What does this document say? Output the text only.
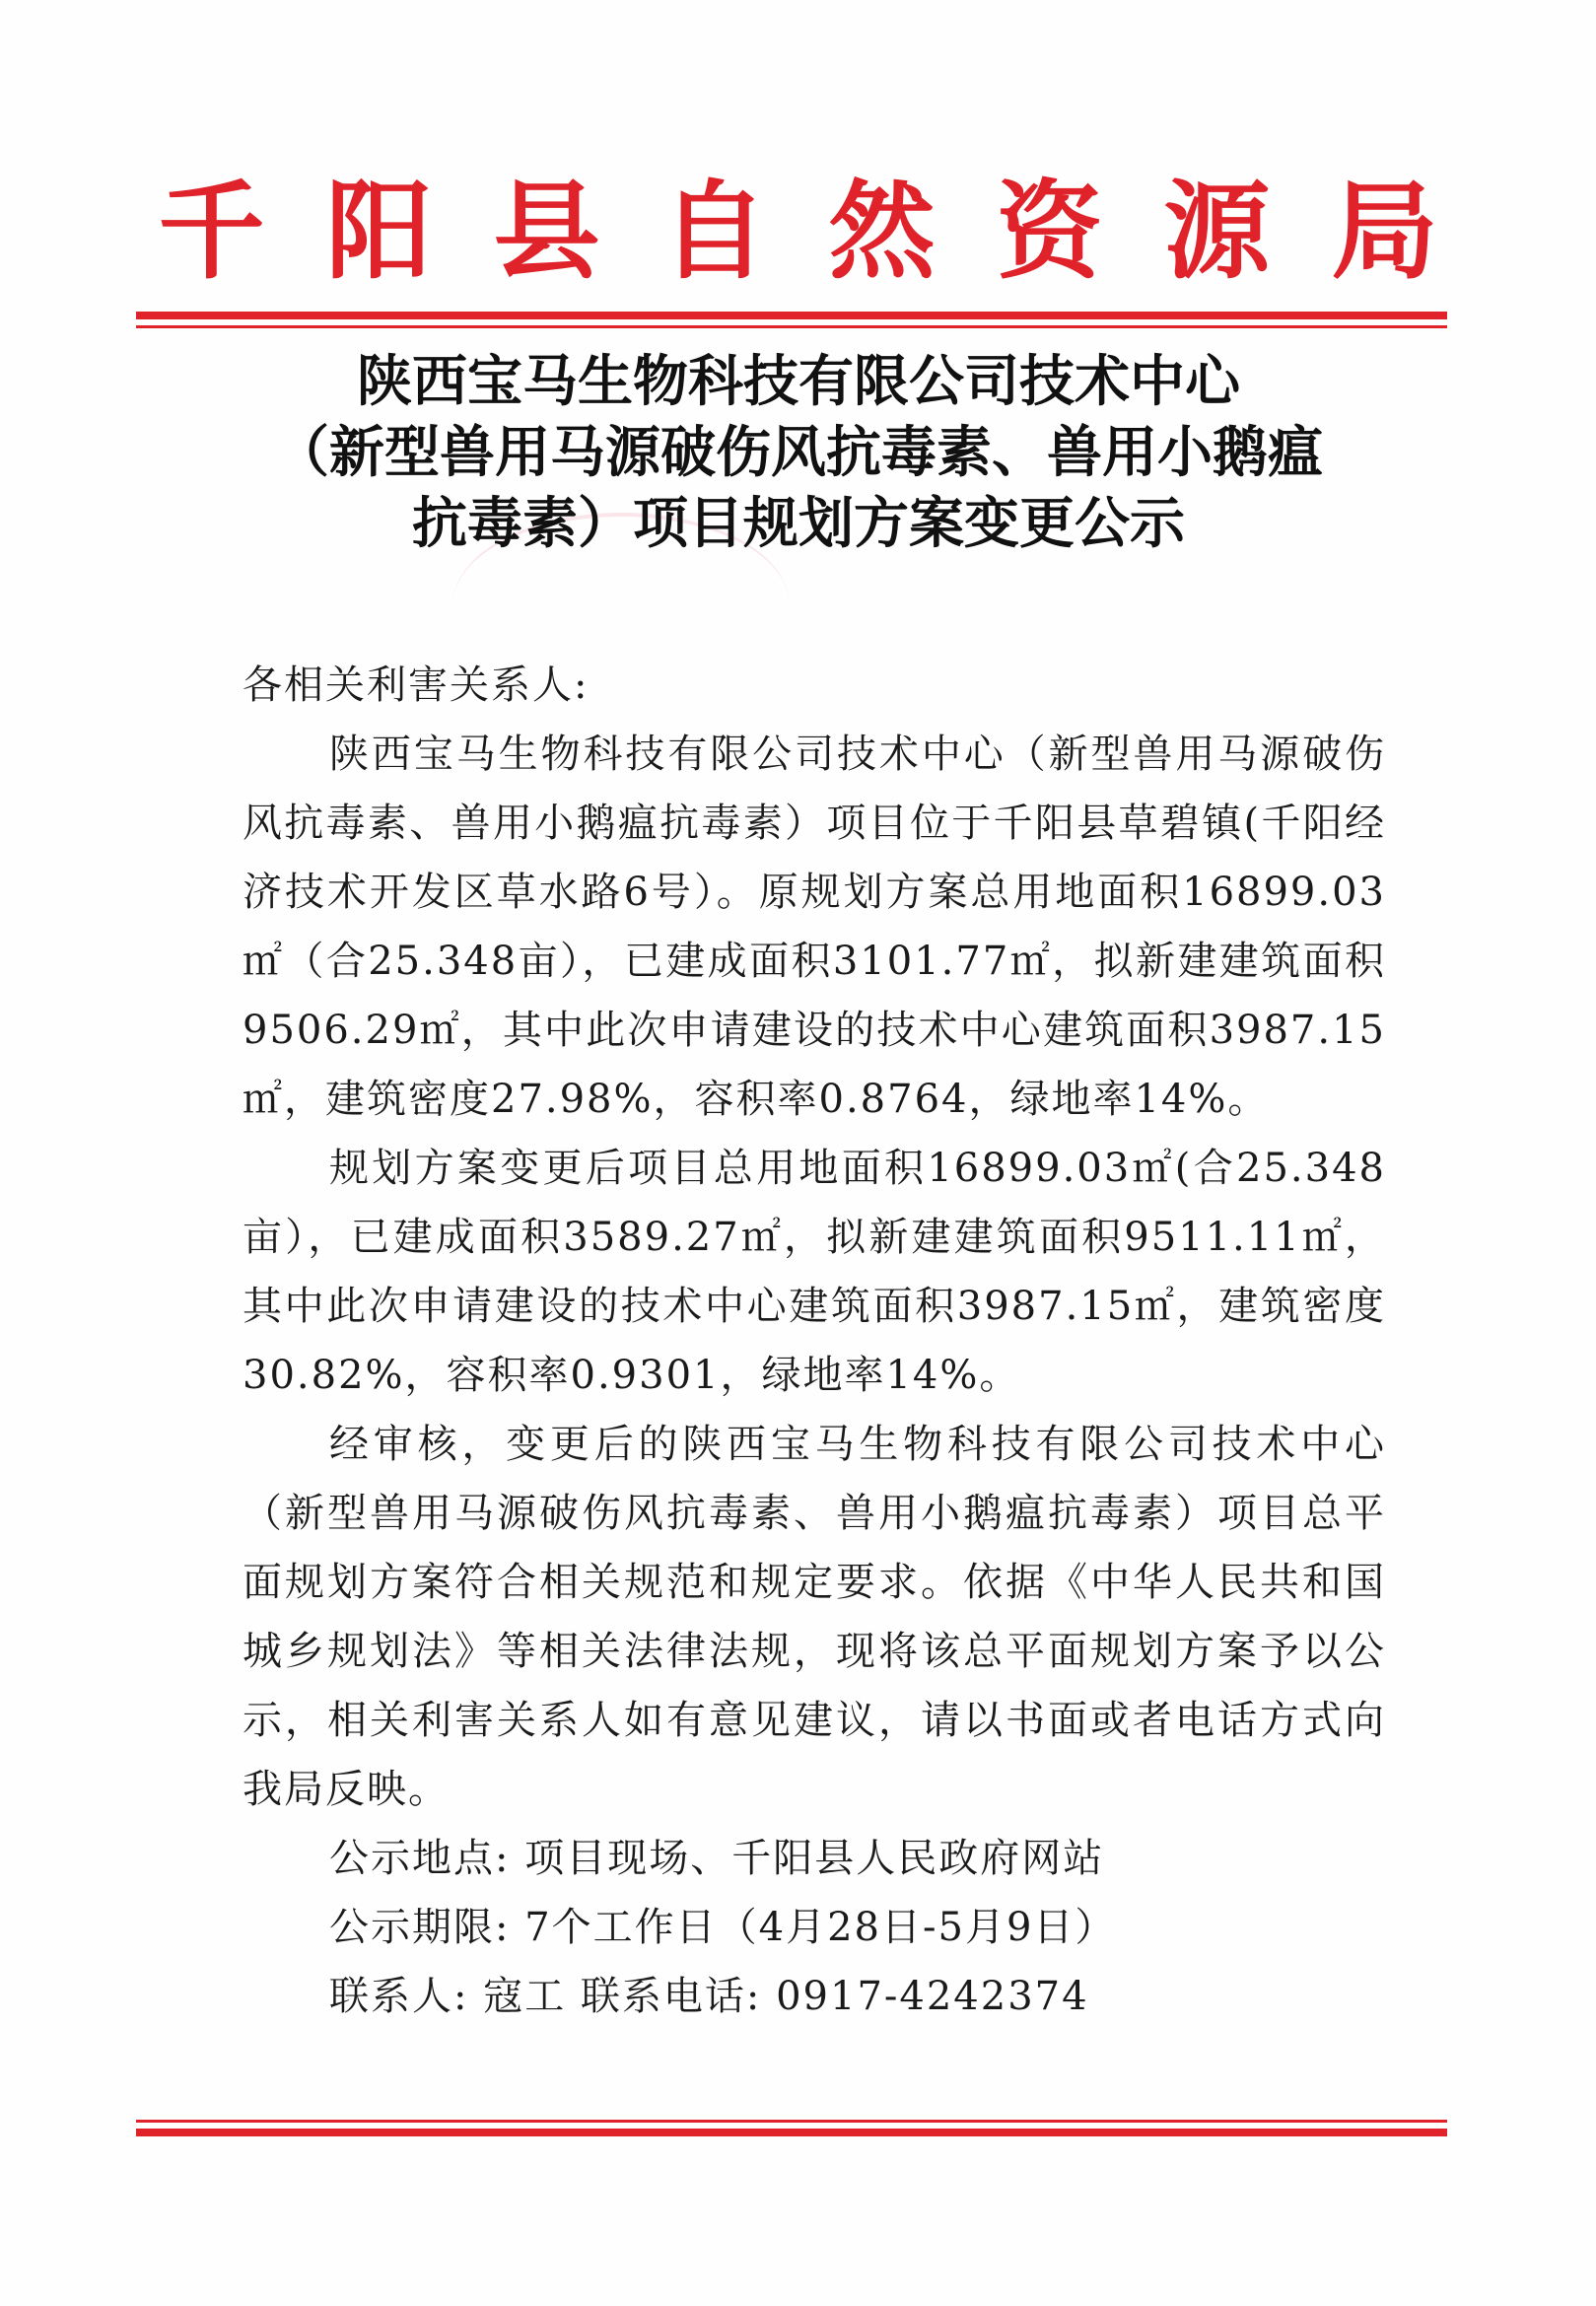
千阳县自然资源局
陕西宝马生物科技有限公司技术中心
（新型兽用马源破伤风抗毒素、兽用小鹅瘟
抗毒素）项目规划方案变更公示

各相关利害关系人:

陕西宝马生物科技有限公司技术中心（新型兽用马源破伤风抗毒素、兽用小鹅瘟抗毒素）项目位于千阳县草碧镇(千阳经济技术开发区草水路6号）。原规划方案总用地面积16899.03㎡（合25.348亩），已建成面积3101.77㎡，拟新建建筑面积9506.29㎡，其中此次申请建设的技术中心建筑面积3987.15㎡，建筑密度27.98%，容积率0.8764，绿地率14%。

规划方案变更后项目总用地面积16899.03㎡(合25.348亩），已建成面积3589.27㎡，拟新建建筑面积9511.11㎡，其中此次申请建设的技术中心建筑面积3987.15㎡，建筑密度30.82%，容积率0.9301，绿地率14%。

经审核，变更后的陕西宝马生物科技有限公司技术中心（新型兽用马源破伤风抗毒素、兽用小鹅瘟抗毒素）项目总平面规划方案符合相关规范和规定要求。依据《中华人民共和国城乡规划法》等相关法律法规，现将该总平面规划方案予以公示，相关利害关系人如有意见建议，请以书面或者电话方式向我局反映。

公示地点: 项目现场、千阳县人民政府网站

公示期限: 7个工作日（4月28日-5月9日）

联系人: 寇工 联系电话: 0917-4242374
